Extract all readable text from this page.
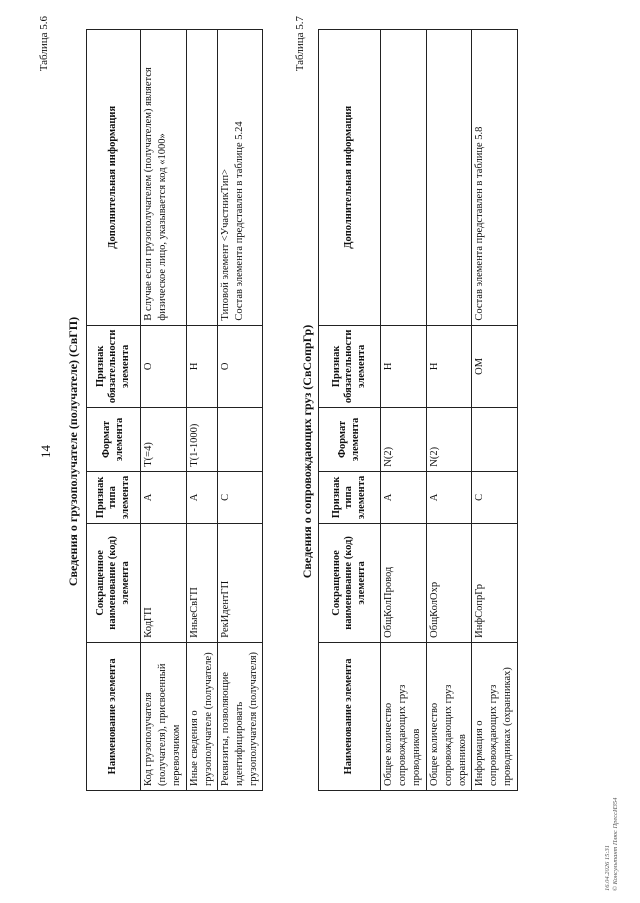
14
Таблица 5.6
Сведения о грузополучателе (получателе) (СвГП)
Наименование элемента	Сокращенное наименование (код) элемента	Признак типа элемента	Формат элемента	Признак обязательности элемента	Дополнительная информация
Код грузополучателя (получателя), присвоенный перевозчиком	КодГП	А	Т(=4)	О	В случае если грузополучателем (получателем) является физическое лицо, указывается код «1000»
Иные сведения о грузополучателе (получателе)	ИныеСвГП	А	Т(1-1000)	Н	
Реквизиты, позволяющие идентифицировать грузополучателя (получателя)	РекИдентГП	С		О	Типовой элемент <УчастникТип>
Состав элемента представлен в таблице 5.24
Таблица 5.7
Сведения о сопровождающих груз (СвСопрГр)
Наименование элемента	Сокращенное наименование (код) элемента	Признак типа элемента	Формат элемента	Признак обязательности элемента	Дополнительная информация
Общее количество сопровождающих груз проводников	ОбщКолПровод	А	N(2)	Н	
Общее количество сопровождающих груз охранников	ОбщКолОхр	А	N(2)	Н	
Информация о сопровождающих груз проводниках (охранниках)	ИнфСопрГр	С		ОМ	Состав элемента представлен в таблице 5.8
16.04.2026 15:31 © Консультант Плюс ПрессИ354
